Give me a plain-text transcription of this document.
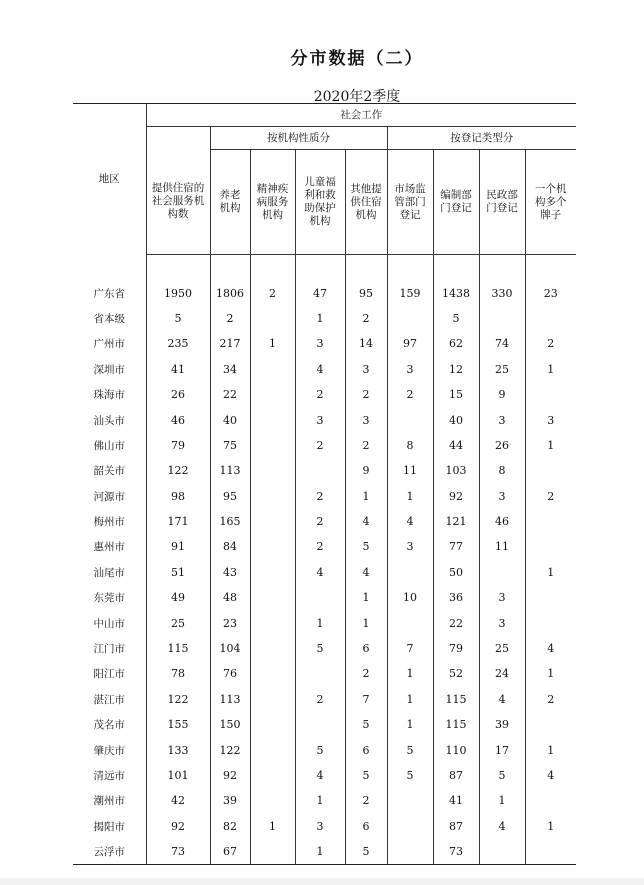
分市数据（二）
2020年2季度
地区	社会工作								
		按机构性质分				按登记类型分			
	提供住宿的社会服务机构数	养老机构	精神疾病服务机构	儿童福利和救助保护机构	其他提供住宿机构	市场监管部门登记	编制部门登记	民政部门登记	一个机构多个牌子

广东省	1950	1806	2	47	95	159	1438	330	23
省本级	5	2		1	2		5		
广州市	235	217	1	3	14	97	62	74	2
深圳市	41	34		4	3	3	12	25	1
珠海市	26	22		2	2	2	15	9	
汕头市	46	40		3	3		40	3	3
佛山市	79	75		2	2	8	44	26	1
韶关市	122	113			9	11	103	8	
河源市	98	95		2	1	1	92	3	2
梅州市	171	165		2	4	4	121	46	
惠州市	91	84		2	5	3	77	11	
汕尾市	51	43		4	4		50		1
东莞市	49	48			1	10	36	3	
中山市	25	23		1	1		22	3	
江门市	115	104		5	6	7	79	25	4
阳江市	78	76			2	1	52	24	1
湛江市	122	113		2	7	1	115	4	2
茂名市	155	150			5	1	115	39	
肇庆市	133	122		5	6	5	110	17	1
清远市	101	92		4	5	5	87	5	4
潮州市	42	39		1	2		41	1	
揭阳市	92	82	1	3	6		87	4	1
云浮市	73	67		1	5		73		
